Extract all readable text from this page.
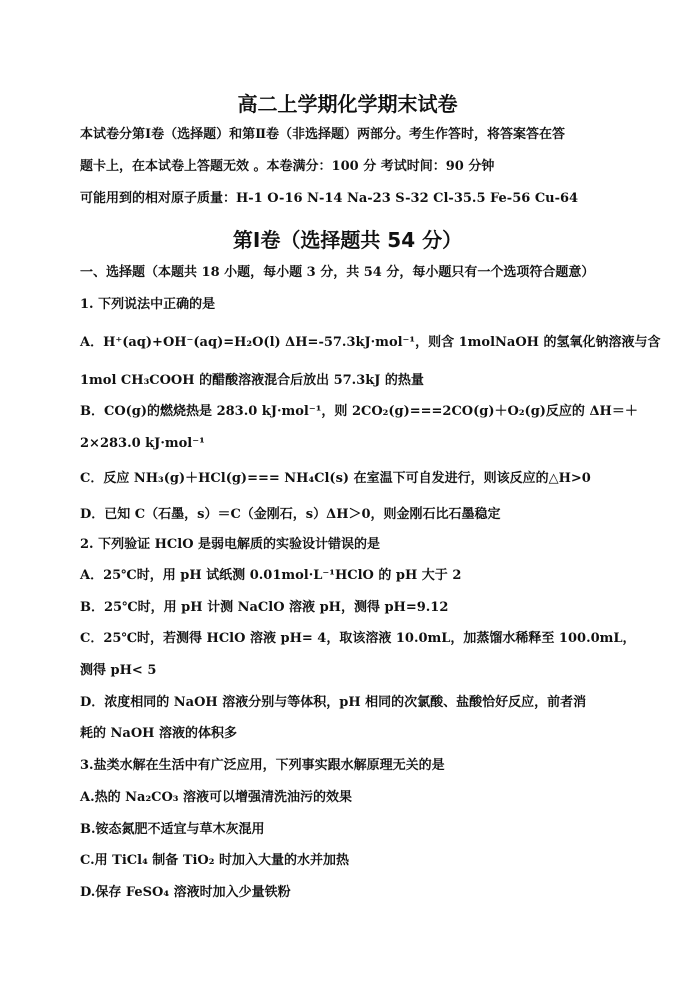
高二上学期化学期末试卷
本试卷分第Ⅰ卷（选择题）和第Ⅱ卷（非选择题）两部分。考生作答时，将答案答在答
题卡上，在本试卷上答题无效 。本卷满分：100 分 考试时间：90 分钟
可能用到的相对原子质量：H-1 O-16 N-14 Na-23 S-32 Cl-35.5 Fe-56 Cu-64
第Ⅰ卷（选择题共 54 分）
一、选择题（本题共 18 小题，每小题 3 分，共 54 分，每小题只有一个选项符合题意）
1. 下列说法中正确的是
A．H⁺(aq)+OH⁻(aq)=H₂O(l) ΔH=-57.3kJ·mol⁻¹，则含 1molNaOH 的氢氧化钠溶液与含
1mol CH₃COOH 的醋酸溶液混合后放出 57.3kJ 的热量
B．CO(g)的燃烧热是 283.0 kJ·mol⁻¹，则 2CO₂(g)===2CO(g)＋O₂(g)反应的 ΔH＝＋
2×283.0 kJ·mol⁻¹
C．反应 NH₃(g)＋HCl(g)=== NH₄Cl(s) 在室温下可自发进行，则该反应的△H>0
D．已知 C（石墨，s）＝C（金刚石，s）ΔH＞0，则金刚石比石墨稳定
2. 下列验证 HClO 是弱电解质的实验设计错误的是
A．25℃时，用 pH 试纸测 0.01mol·L⁻¹HClO 的 pH 大于 2
B．25℃时，用 pH 计测 NaClO 溶液 pH，测得 pH=9.12
C．25℃时，若测得 HClO 溶液 pH= 4，取该溶液 10.0mL，加蒸馏水稀释至 100.0mL，
测得 pH< 5
D．浓度相同的 NaOH 溶液分别与等体积，pH 相同的次氯酸、盐酸恰好反应，前者消
耗的 NaOH 溶液的体积多
3.盐类水解在生活中有广泛应用，下列事实跟水解原理无关的是
A.热的 Na₂CO₃ 溶液可以增强清洗油污的效果
B.铵态氮肥不适宜与草木灰混用
C.用 TiCl₄ 制备 TiO₂ 时加入大量的水并加热
D.保存 FeSO₄ 溶液时加入少量铁粉
